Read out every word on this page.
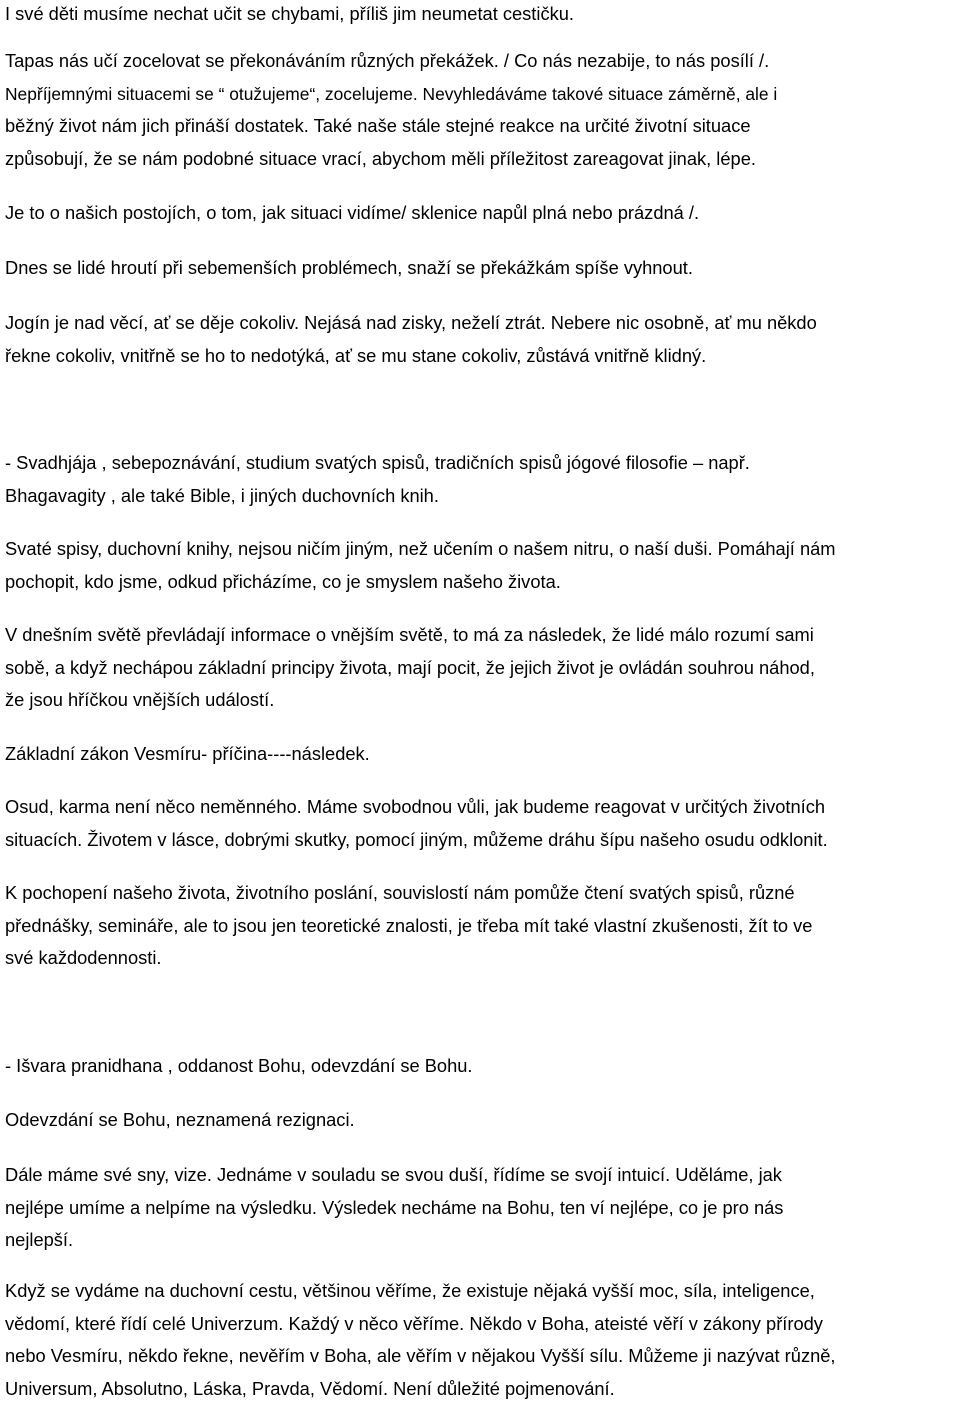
I své děti musíme nechat učit se chybami, příliš jim neumetat cestičku.

Tapas nás učí zocelovat se překonáváním různých překážek. / Co nás nezabije, to nás posílí /.
Nepříjemnými situacemi se “ otužujeme“, zocelujeme. Nevyhledáváme takové situace záměrně, ale i
běžný život nám jich přináší dostatek. Také naše stále stejné reakce na určité životní situace
způsobují, že se nám podobné situace vrací, abychom měli příležitost zareagovat jinak, lépe.

Je to o našich postojích, o tom, jak situaci vidíme/ sklenice napůl plná nebo prázdná /.

Dnes se lidé hroutí při sebemenších problémech, snaží se překážkám spíše vyhnout.

Jogín je nad věcí, ať se děje cokoliv. Nejásá nad zisky, neželí ztrát. Nebere nic osobně, ať mu někdo
řekne cokoliv, vnitřně se ho to nedotýká, ať se mu stane cokoliv, zůstává vnitřně klidný.

- Svadhjája , sebepoznávání, studium svatých spisů, tradičních spisů jógové filosofie – např.
Bhagavagity , ale také Bible, i jiných duchovních knih.

Svaté spisy, duchovní knihy, nejsou ničím jiným, než učením o našem nitru, o naší duši. Pomáhají nám
pochopit, kdo jsme, odkud přicházíme, co je smyslem našeho života.

V dnešním světě převládají informace o vnějším světě, to má za následek, že lidé málo rozumí sami
sobě, a když nechápou základní principy života, mají pocit, že jejich život je ovládán souhrou náhod,
že jsou hříčkou vnějších událostí.

Základní zákon Vesmíru- příčina----následek.

Osud, karma není něco neměnného. Máme svobodnou vůli, jak budeme reagovat v určitých životních
situacích. Životem v lásce, dobrými skutky, pomocí jiným, můžeme dráhu šípu našeho osudu odklonit.

K pochopení našeho života, životního poslání, souvislostí nám pomůže čtení svatých spisů, různé
přednášky, semináře, ale to jsou jen teoretické znalosti, je třeba mít také vlastní zkušenosti, žít to ve
své každodennosti.

- Išvara pranidhana , oddanost Bohu, odevzdání se Bohu.

Odevzdání se Bohu, neznamená rezignaci.

Dále máme své sny, vize. Jednáme v souladu se svou duší, řídíme se svojí intuicí. Uděláme, jak
nejlépe umíme a nelpíme na výsledku. Výsledek necháme na Bohu, ten ví nejlépe, co je pro nás
nejlepší.

Když se vydáme na duchovní cestu, většinou věříme, že existuje nějaká vyšší moc, síla, inteligence,
vědomí, které řídí celé Univerzum. Každý v něco věříme. Někdo v Boha, ateisté věří v zákony přírody
nebo Vesmíru, někdo řekne, nevěřím v Boha, ale věřím v nějakou Vyšší sílu. Můžeme ji nazývat různě,
Universum, Absolutno, Láska, Pravda, Vědomí. Není důležité pojmenování.
